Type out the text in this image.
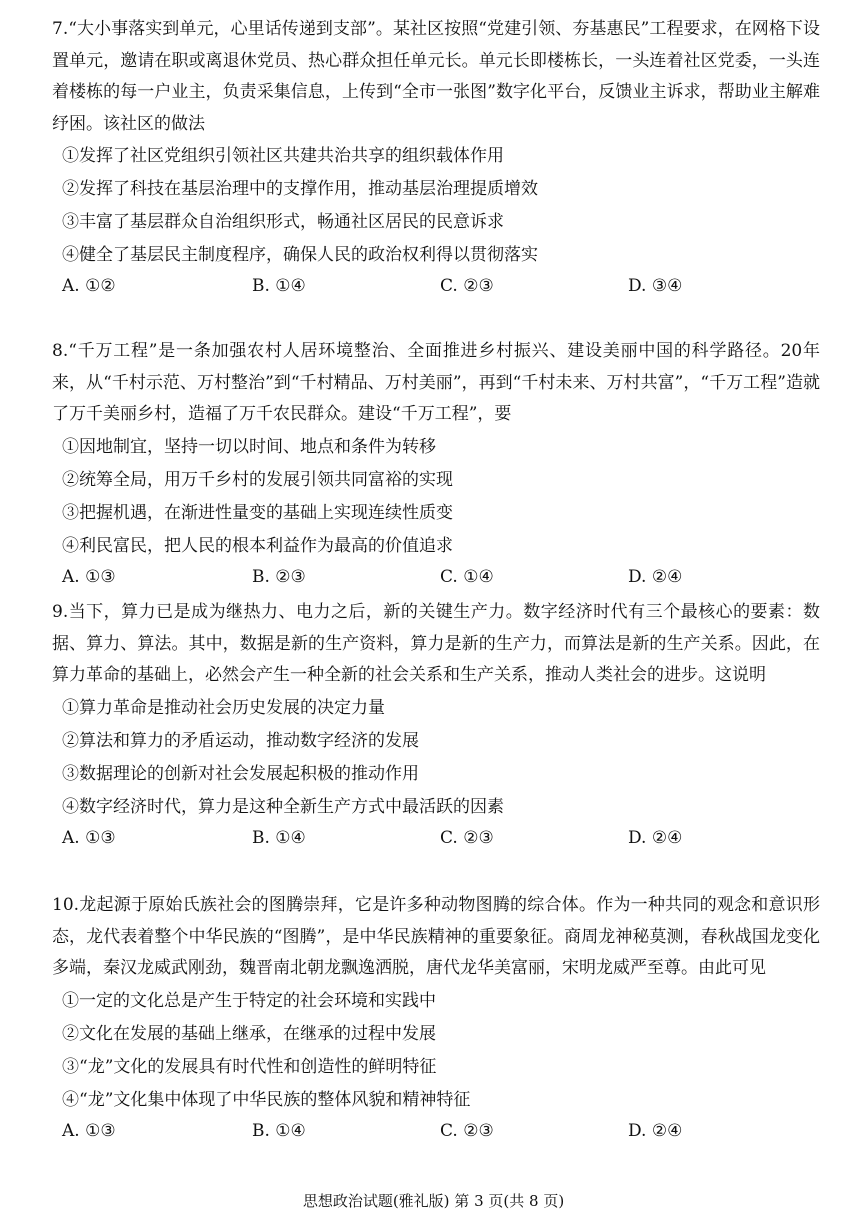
7.“大小事落实到单元，心里话传递到支部”。某社区按照“党建引领、夯基惠民”工程要求，在网格下设置单元，邀请在职或离退休党员、热心群众担任单元长。单元长即楼栋长，一头连着社区党委，一头连着楼栋的每一户业主，负责采集信息，上传到“全市一张图”数字化平台，反馈业主诉求，帮助业主解难纾困。该社区的做法

①发挥了社区党组织引领社区共建共治共享的组织载体作用
②发挥了科技在基层治理中的支撑作用，推动基层治理提质增效
③丰富了基层群众自治组织形式，畅通社区居民的民意诉求
④健全了基层民主制度程序，确保人民的政治权利得以贯彻落实
A. ①②	B. ①④	C. ②③	D. ③④

8.“千万工程”是一条加强农村人居环境整治、全面推进乡村振兴、建设美丽中国的科学路径。20年来，从“千村示范、万村整治”到“千村精品、万村美丽”，再到“千村未来、万村共富”，“千万工程”造就了万千美丽乡村，造福了万千农民群众。建设“千万工程”，要

①因地制宜，坚持一切以时间、地点和条件为转移
②统筹全局，用万千乡村的发展引领共同富裕的实现
③把握机遇，在渐进性量变的基础上实现连续性质变
④利民富民，把人民的根本利益作为最高的价值追求
A. ①③	B. ②③	C. ①④	D. ②④

9.当下，算力已是成为继热力、电力之后，新的关键生产力。数字经济时代有三个最核心的要素：数据、算力、算法。其中，数据是新的生产资料，算力是新的生产力，而算法是新的生产关系。因此，在算力革命的基础上，必然会产生一种全新的社会关系和生产关系，推动人类社会的进步。这说明

①算力革命是推动社会历史发展的决定力量
②算法和算力的矛盾运动，推动数字经济的发展
③数据理论的创新对社会发展起积极的推动作用
④数字经济时代，算力是这种全新生产方式中最活跃的因素
A. ①③	B. ①④	C. ②③	D. ②④

10.龙起源于原始氏族社会的图腾崇拜，它是许多种动物图腾的综合体。作为一种共同的观念和意识形态，龙代表着整个中华民族的“图腾”，是中华民族精神的重要象征。商周龙神秘莫测，春秋战国龙变化多端，秦汉龙威武刚劲，魏晋南北朝龙飘逸洒脱，唐代龙华美富丽，宋明龙威严至尊。由此可见

①一定的文化总是产生于特定的社会环境和实践中
②文化在发展的基础上继承，在继承的过程中发展
③“龙”文化的发展具有时代性和创造性的鲜明特征
④“龙”文化集中体现了中华民族的整体风貌和精神特征
A. ①③	B. ①④	C. ②③	D. ②④
思想政治试题(雅礼版) 第 3 页(共 8 页)
